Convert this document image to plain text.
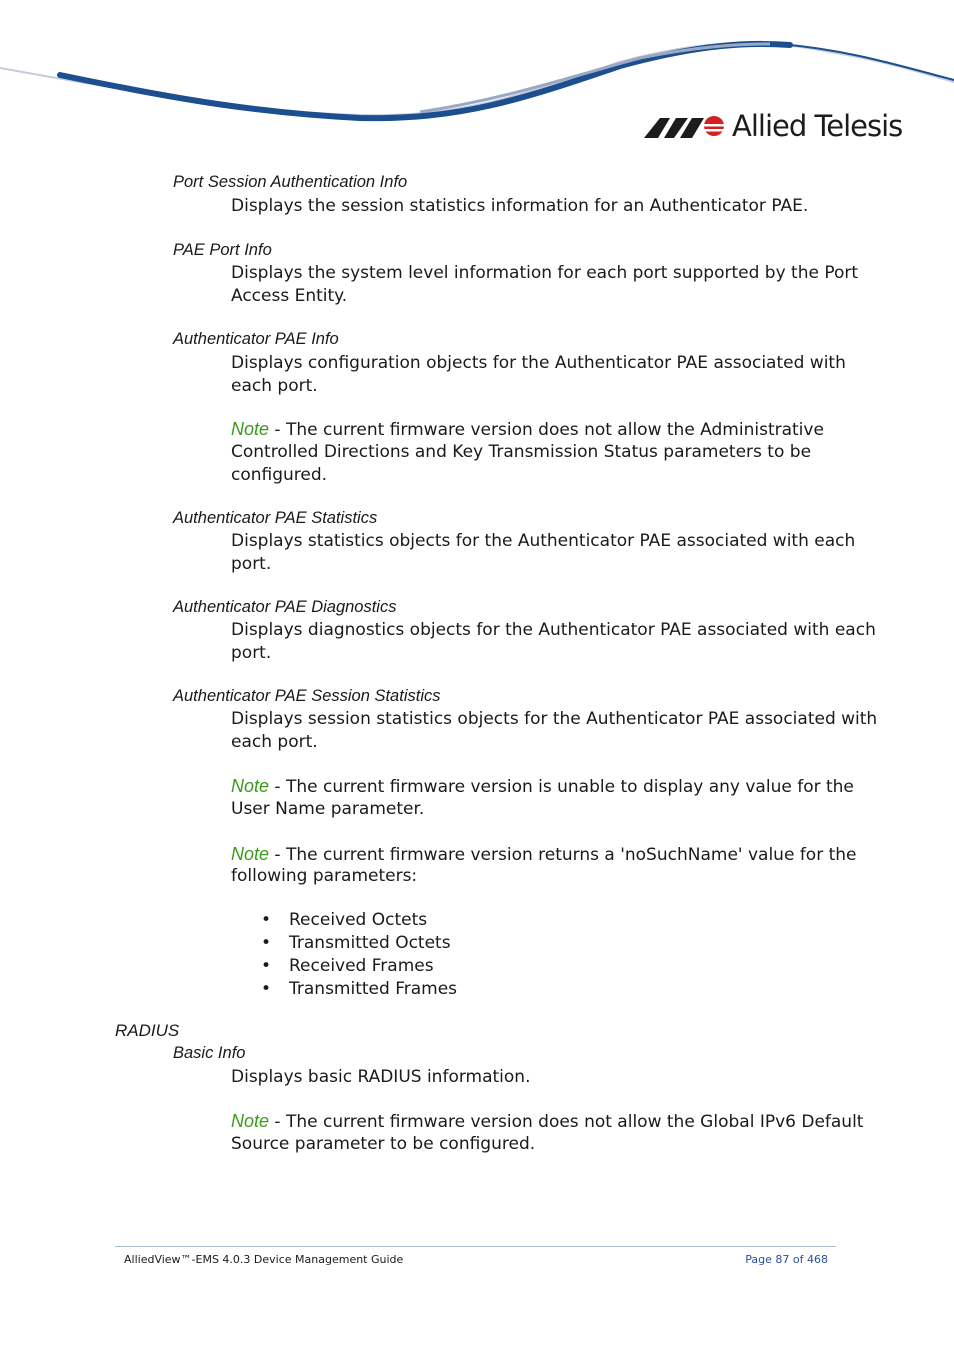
Allied Telesis
Port Session Authentication Info
Displays the session statistics information for an Authenticator PAE.
PAE Port Info
Displays the system level information for each port supported by the Port
Access Entity.
Authenticator PAE Info
Displays configuration objects for the Authenticator PAE associated with
each port.
Note - The current firmware version does not allow the Administrative
Controlled Directions and Key Transmission Status parameters to be
configured.
Authenticator PAE Statistics
Displays statistics objects for the Authenticator PAE associated with each
port.
Authenticator PAE Diagnostics
Displays diagnostics objects for the Authenticator PAE associated with each
port.
Authenticator PAE Session Statistics
Displays session statistics objects for the Authenticator PAE associated with
each port.
Note - The current firmware version is unable to display any value for the
User Name parameter.
Note - The current firmware version returns a 'noSuchName' value for the
following parameters:
•	Received Octets
•	Transmitted Octets
•	Received Frames
•	Transmitted Frames
RADIUS
Basic Info
Displays basic RADIUS information.
Note - The current firmware version does not allow the Global IPv6 Default
Source parameter to be configured.
AlliedView™-EMS 4.0.3 Device Management Guide	Page 87 of 468
